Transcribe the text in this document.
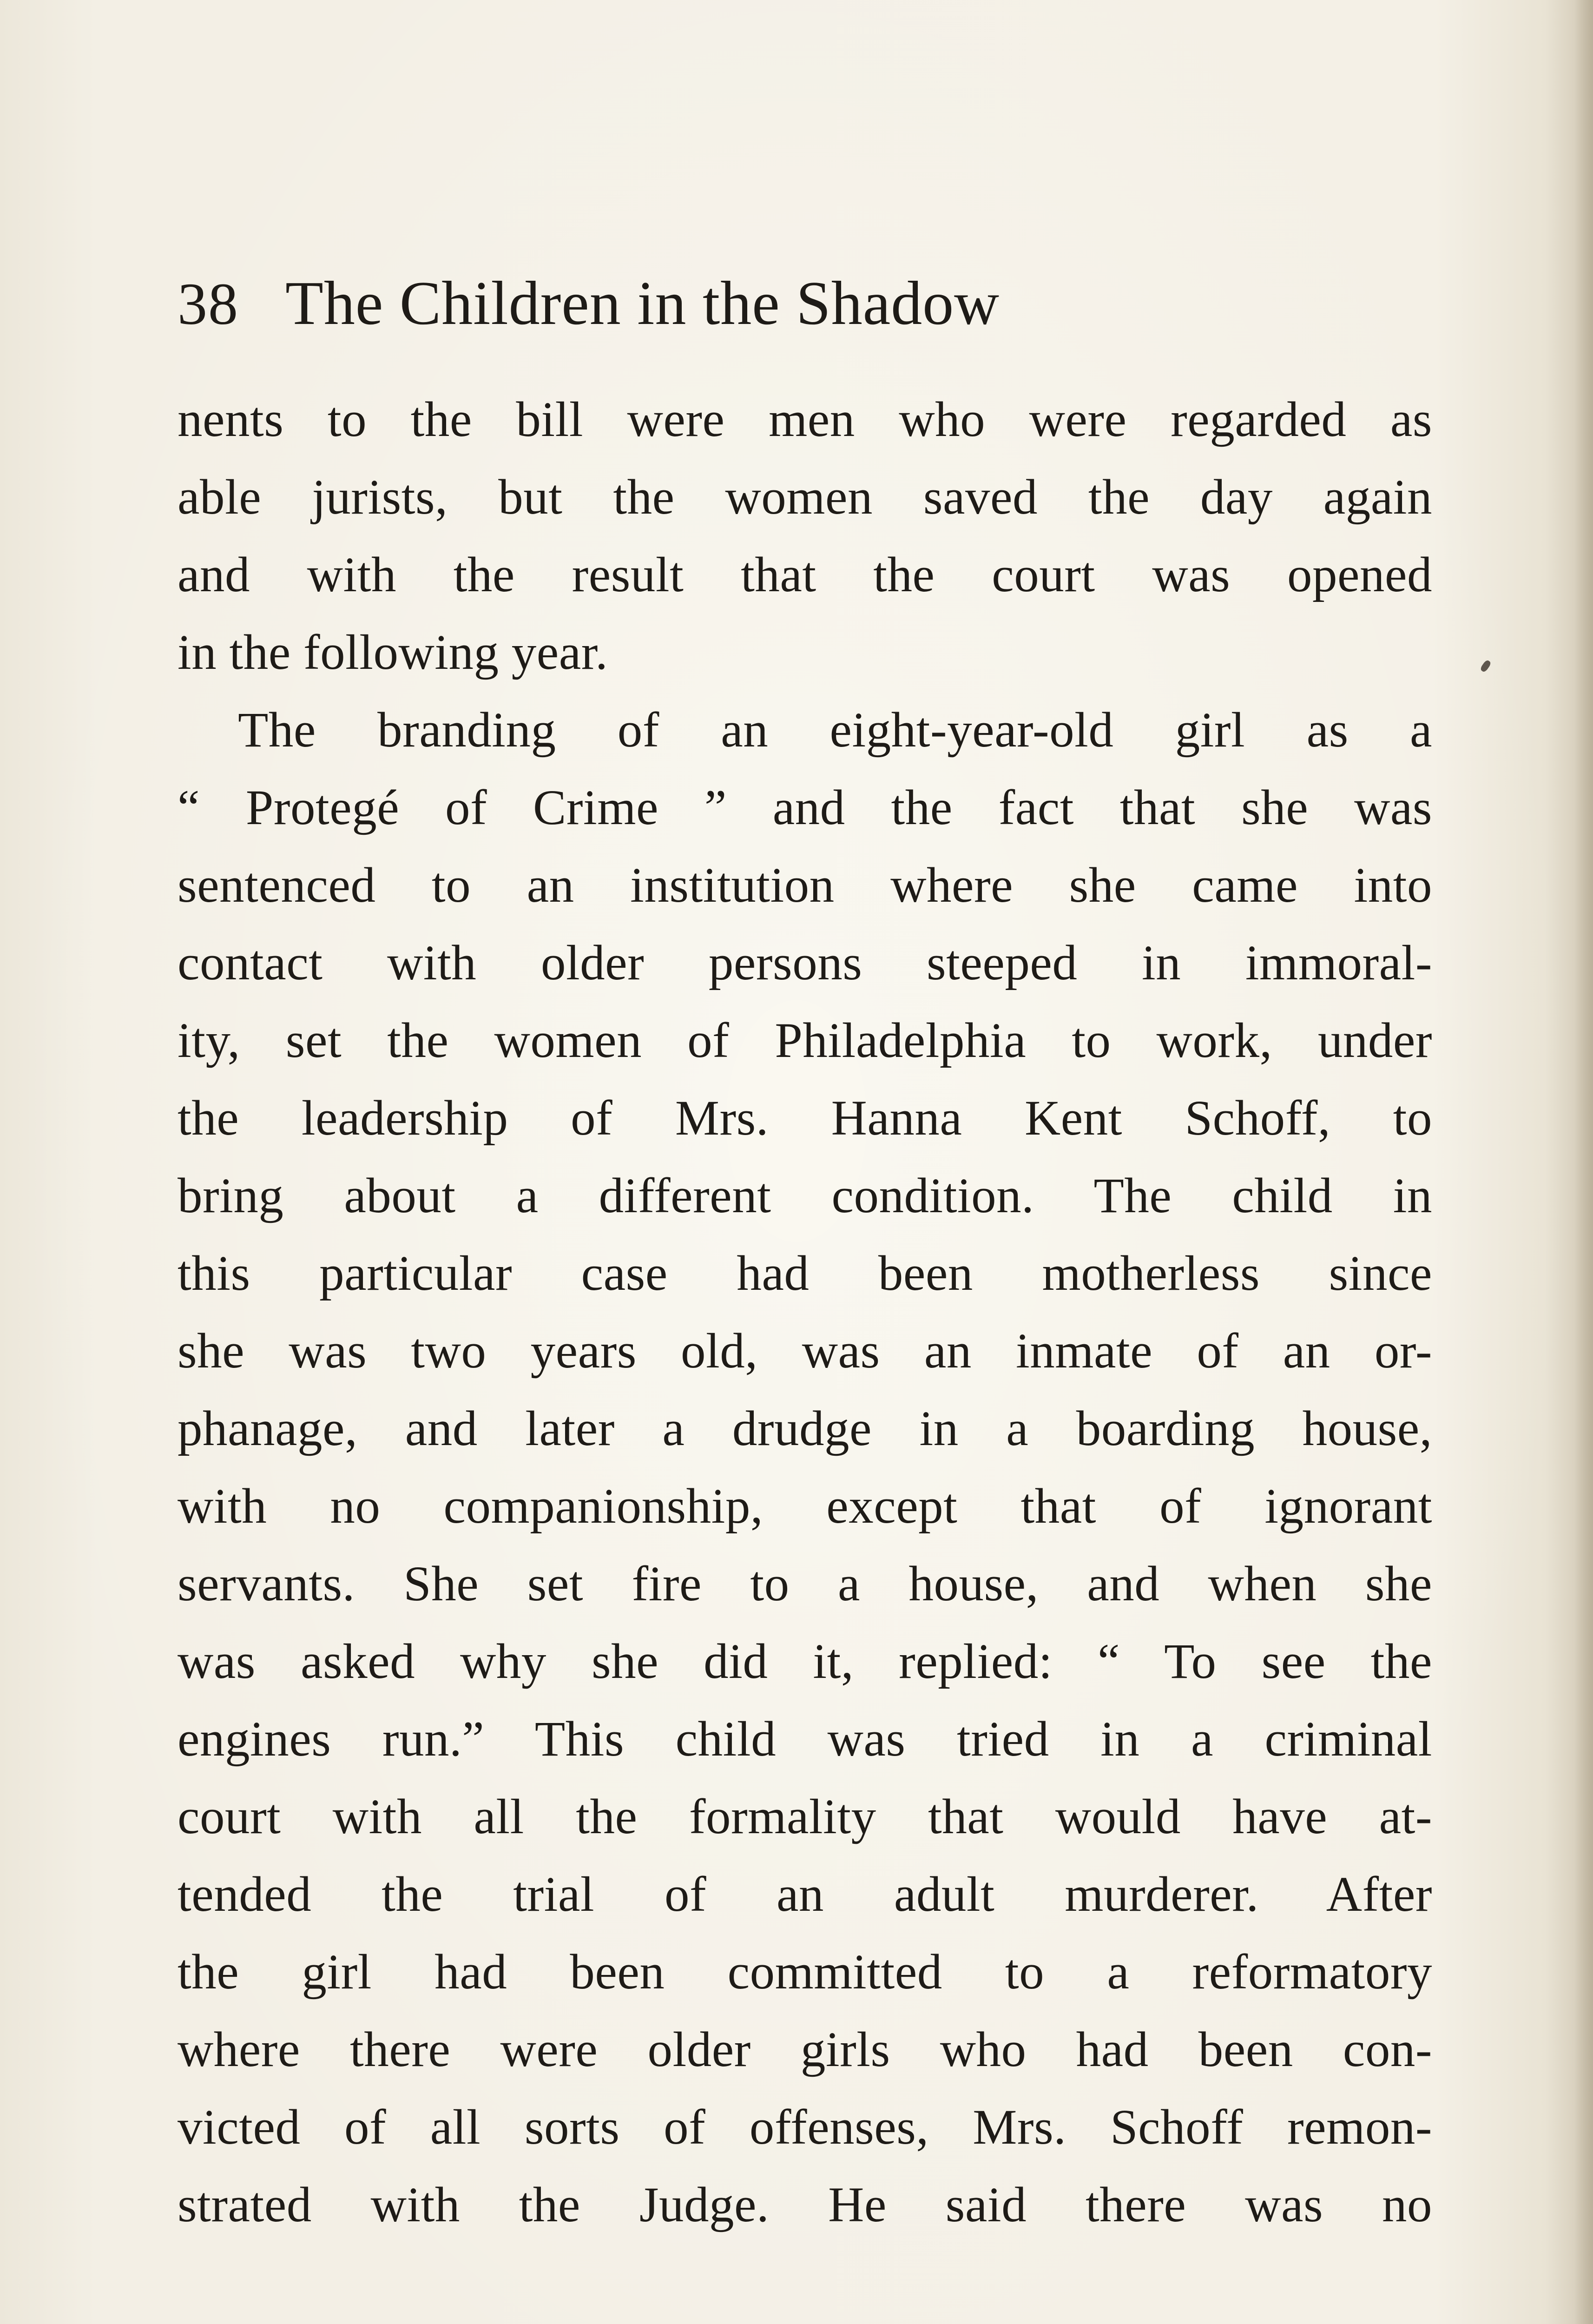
38 The Children in the Shadow
nents to the bill were men who were regarded as
able jurists, but the women saved the day again
and with the result that the court was opened
in the following year.
The branding of an eight-year-old girl as a
“ Protegé of Crime ” and the fact that she was
sentenced to an institution where she came into
contact with older persons steeped in immoral-
ity, set the women of Philadelphia to work, under
the leadership of Mrs. Hanna Kent Schoff, to
bring about a different condition. The child in
this particular case had been motherless since
she was two years old, was an inmate of an or-
phanage, and later a drudge in a boarding house,
with no companionship, except that of ignorant
servants. She set fire to a house, and when she
was asked why she did it, replied: “ To see the
engines run.” This child was tried in a criminal
court with all the formality that would have at-
tended the trial of an adult murderer. After
the girl had been committed to a reformatory
where there were older girls who had been con-
victed of all sorts of offenses, Mrs. Schoff remon-
strated with the Judge. He said there was no
